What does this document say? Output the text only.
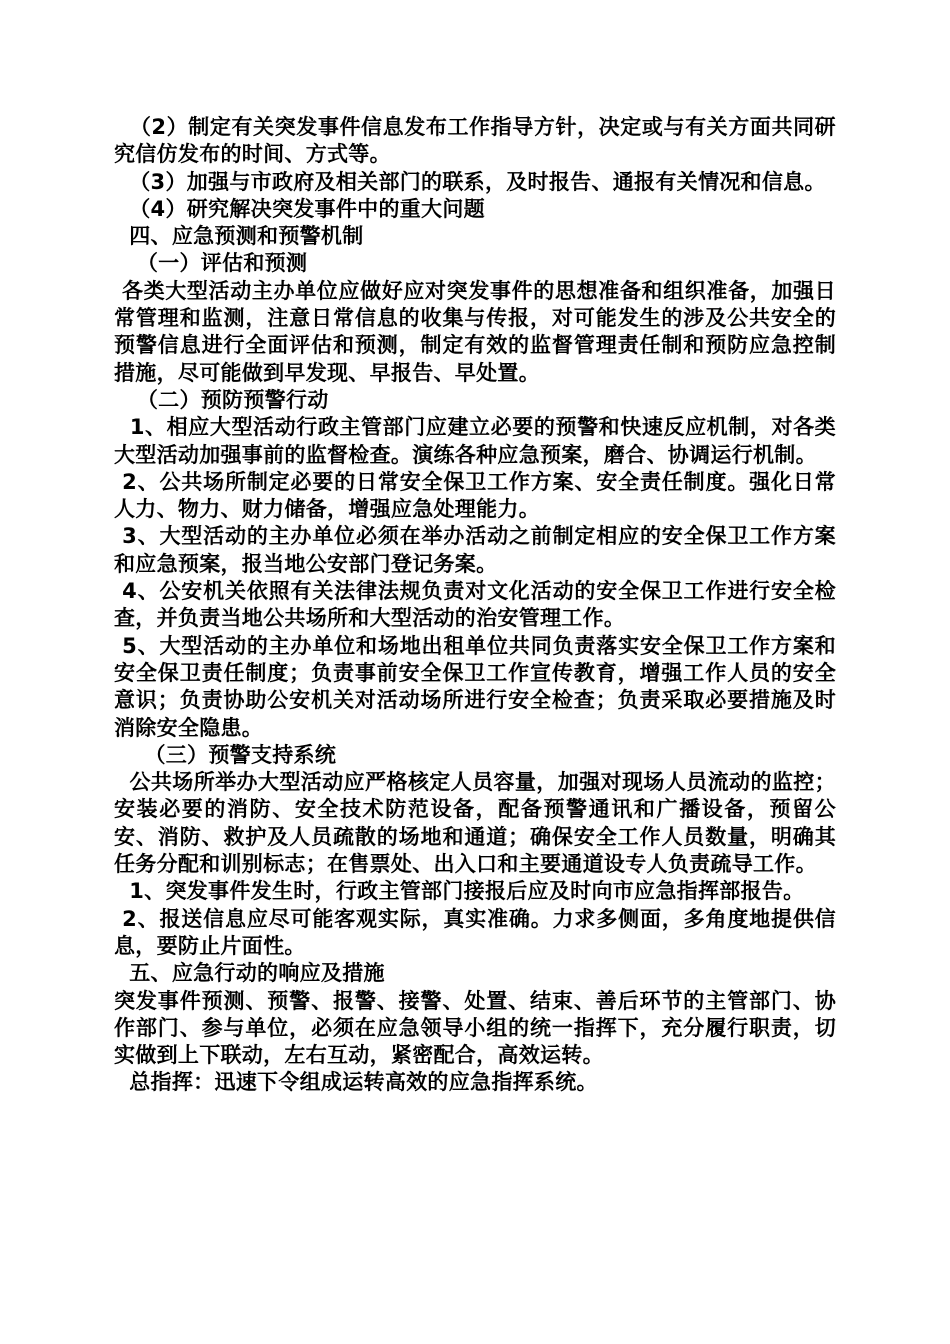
（2）制定有关突发事件信息发布工作指导方针，决定或与有关方面共同研究信仿发布的时间、方式等。

（3）加强与市政府及相关部门的联系，及时报告、通报有关情况和信息。

（4）研究解决突发事件中的重大问题

四、应急预测和预警机制

（一）评估和预测

各类大型活动主办单位应做好应对突发事件的思想准备和组织准备，加强日常管理和监测，注意日常信息的收集与传报，对可能发生的涉及公共安全的预警信息进行全面评估和预测，制定有效的监督管理责任制和预防应急控制措施，尽可能做到早发现、早报告、早处置。

（二）预防预警行动

1、相应大型活动行政主管部门应建立必要的预警和快速反应机制，对各类大型活动加强事前的监督检查。演练各种应急预案，磨合、协调运行机制。

2、公共场所制定必要的日常安全保卫工作方案、安全责任制度。强化日常人力、物力、财力储备，增强应急处理能力。

3、大型活动的主办单位必须在举办活动之前制定相应的安全保卫工作方案和应急预案，报当地公安部门登记务案。

4、公安机关依照有关法律法规负责对文化活动的安全保卫工作进行安全检查，并负责当地公共场所和大型活动的治安管理工作。

5、大型活动的主办单位和场地出租单位共同负责落实安全保卫工作方案和安全保卫责任制度；负责事前安全保卫工作宣传教育，增强工作人员的安全意识；负责协助公安机关对活动场所进行安全检查；负责采取必要措施及时消除安全隐患。

（三）预警支持系统

公共场所举办大型活动应严格核定人员容量，加强对现场人员流动的监控；安装必要的消防、安全技术防范设备，配备预警通讯和广播设备，预留公安、消防、救护及人员疏散的场地和通道；确保安全工作人员数量，明确其任务分配和训别标志；在售票处、出入口和主要通道设专人负责疏导工作。

1、突发事件发生时，行政主管部门接报后应及时向市应急指挥部报告。

2、报送信息应尽可能客观实际，真实准确。力求多侧面，多角度地提供信息，要防止片面性。

五、应急行动的响应及措施

突发事件预测、预警、报警、接警、处置、结束、善后环节的主管部门、协作部门、参与单位，必须在应急领导小组的统一指挥下，充分履行职责，切实做到上下联动，左右互动，紧密配合，高效运转。

总指挥：迅速下令组成运转高效的应急指挥系统。
